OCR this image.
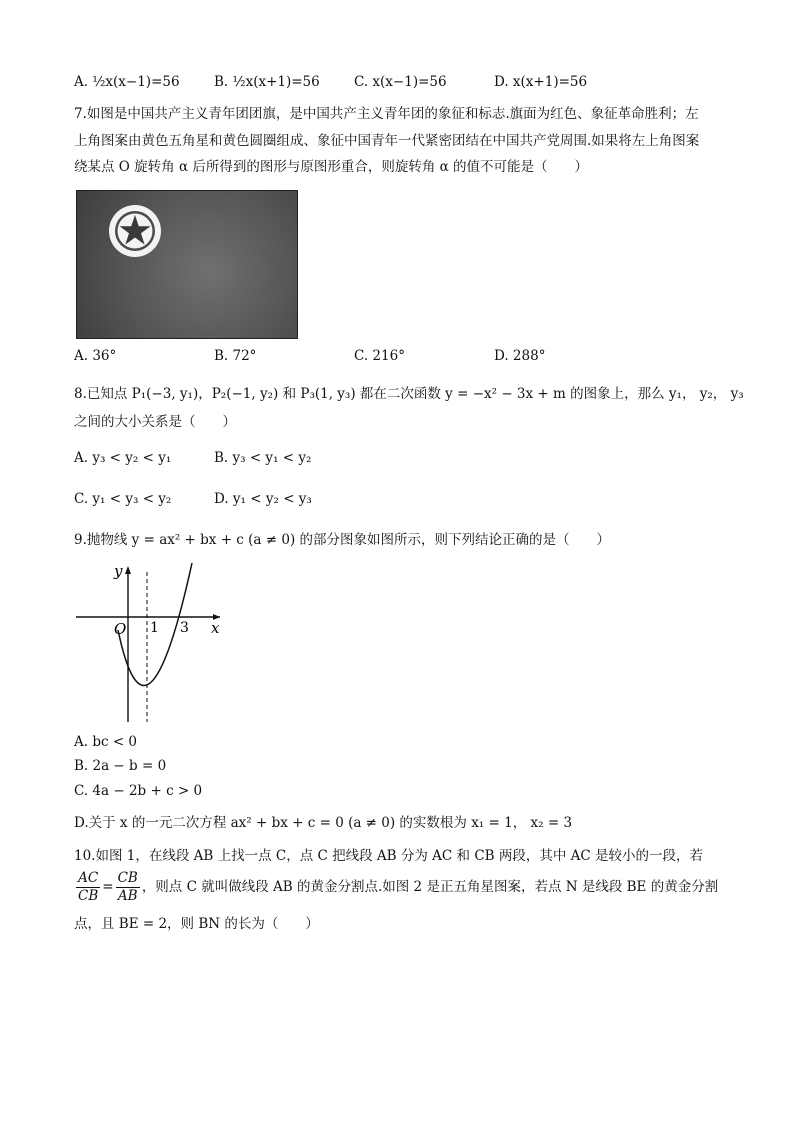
A. ½x(x−1)=56	B. ½x(x+1)=56	C. x(x−1)=56	D. x(x+1)=56
7.如图是中国共产主义青年团团旗，是中国共产主义青年团的象征和标志.旗面为红色、象征革命胜利；左
上角图案由黄色五角星和黄色圆圈组成、象征中国青年一代紧密团结在中国共产党周围.如果将左上角图案
绕某点 O 旋转角 α 后所得到的图形与原图形重合，则旋转角 α 的值不可能是（　　）
A. 36°	B. 72°	C. 216°	D. 288°
8.已知点 P₁(−3, y₁)，P₂(−1, y₂) 和 P₃(1, y₃) 都在二次函数 y = −x² − 3x + m 的图象上，那么 y₁， y₂， y₃
之间的大小关系是（　　）
A. y₃ < y₂ < y₁	B. y₃ < y₁ < y₂
C. y₁ < y₃ < y₂	D. y₁ < y₂ < y₃
9.抛物线 y = ax² + bx + c (a ≠ 0) 的部分图象如图所示，则下列结论正确的是（　　）
y
x
O 1 3
A. bc < 0
B. 2a − b = 0
C. 4a − 2b + c > 0
D.关于 x 的一元二次方程 ax² + bx + c = 0 (a ≠ 0) 的实数根为 x₁ = 1， x₂ = 3
10.如图 1，在线段 AB 上找一点 C，点 C 把线段 AB 分为 AC 和 CB 两段，其中 AC 是较小的一段，若
$\frac{AC}{CB} = \frac{CB}{AB}$ ，则点 C 就叫做线段 AB 的黄金分割点.如图 2 是正五角星图案，若点 N 是线段 BE 的黄金分割
点，且 BE = 2，则 BN 的长为（　　）
